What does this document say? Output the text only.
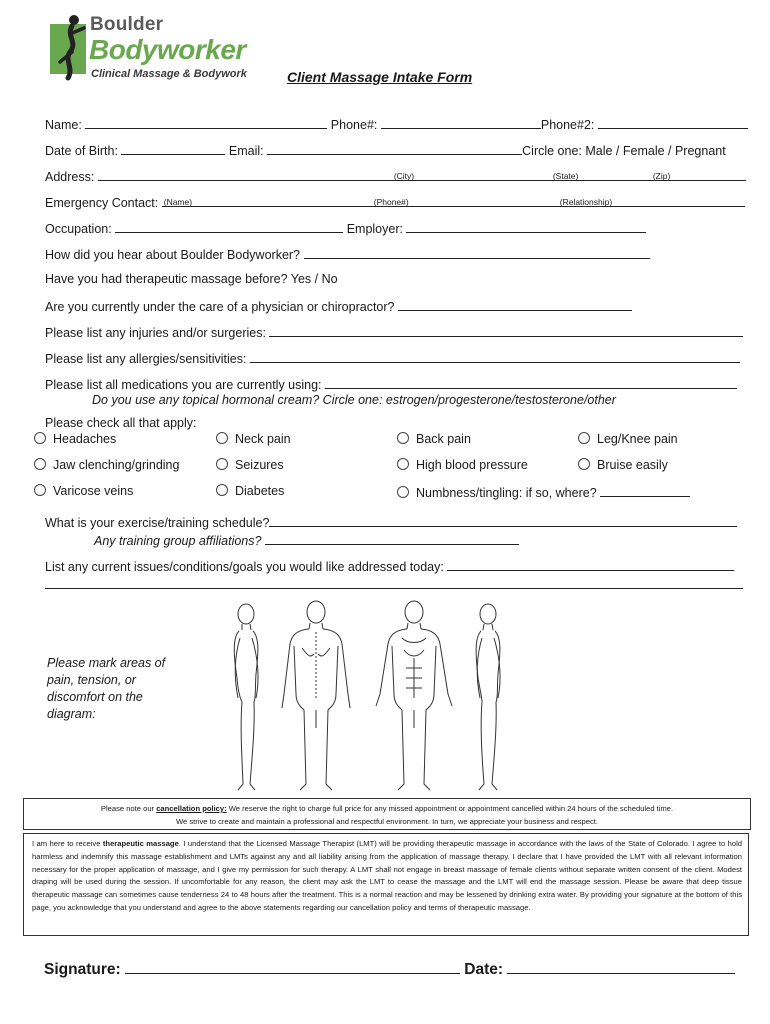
Boulder
Bodyworker
Clinical Massage & Bodywork	Client Massage Intake Form
Name:	Phone#:	Phone#2:
Date of Birth:	Email:	Circle one: Male / Female / Pregnant
Address:	(City)	(State)	(Zip)
Emergency Contact: (Name)	(Phone#)	(Relationship)
Occupation:	Employer:
How did you hear about Boulder Bodyworker?
Have you had therapeutic massage before? Yes / No
Are you currently under the care of a physician or chiropractor?
Please list any injuries and/or surgeries:
Please list any allergies/sensitivities:
Please list all medications you are currently using:
Do you use any topical hormonal cream? Circle one: estrogen/progesterone/testosterone/other
Please check all that apply:
Headaches	Neck pain	Back pain	Leg/Knee pain
Jaw clenching/grinding	Seizures	High blood pressure	Bruise easily
Varicose veins	Diabetes	Numbness/tingling: if so, where?
What is your exercise/training schedule?
Any training group affiliations?
List any current issues/conditions/goals you would like addressed today:
Please mark areas of pain, tension, or discomfort on the diagram:
Please note our cancellation policy: We reserve the right to charge full price for any missed appointment or appointment cancelled within 24 hours of the scheduled time.
We strive to create and maintain a professional and respectful environment. In turn, we appreciate your business and respect.
I am here to receive therapeutic massage. I understand that the Licensed Massage Therapist (LMT) will be providing therapeutic massage in accordance with the laws of the State of Colorado. I agree to hold harmless and indemnify this massage establishment and LMTs against any and all liability arising from the application of massage therapy. I declare that I have provided the LMT with all relevant information necessary for the proper application of massage, and I give my permission for such therapy. A LMT shall not engage in breast massage of female clients without separate written consent of the client. Modest draping will be used during the session. If uncomfortable for any reason, the client may ask the LMT to cease the massage and the LMT will end the massage session. Please be aware that deep tissue therapeutic massage can sometimes cause tenderness 24 to 48 hours after the treatment. This is a normal reaction and may be lessened by drinking extra water. By providing your signature at the bottom of this page, you acknowledge that you understand and agree to the above statements regarding our cancellation policy and terms of therapeutic massage.
Signature:	Date:
